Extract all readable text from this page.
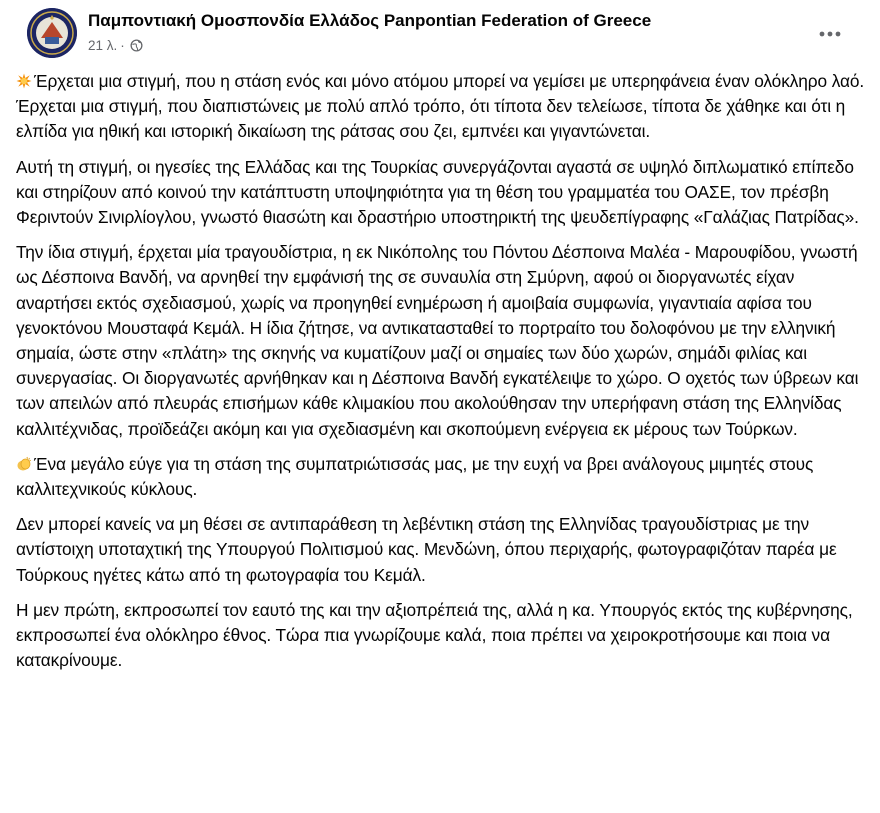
Παμποντιακή Ομοσπονδία Ελλάδος Panpontian Federation of Greece
21 λ. ·

Έρχεται μια στιγμή, που η στάση ενός και μόνο ατόμου μπορεί να γεμίσει με υπερηφάνεια έναν ολόκληρο λαό. Έρχεται μια στιγμή, που διαπιστώνεις με πολύ απλό τρόπο, ότι τίποτα δεν τελείωσε, τίποτα δε χάθηκε και ότι η ελπίδα για ηθική και ιστορική δικαίωση της ράτσας σου ζει, εμπνέει και γιγαντώνεται.

Αυτή τη στιγμή, οι ηγεσίες της Ελλάδας και της Τουρκίας συνεργάζονται αγαστά σε υψηλό διπλωματικό επίπεδο και στηρίζουν από κοινού την κατάπτυστη υποψηφιότητα για τη θέση του γραμματέα του ΟΑΣΕ, τον πρέσβη Φεριντούν Σινιρλίογλου, γνωστό θιασώτη και δραστήριο υποστηρικτή της ψευδεπίγραφης «Γαλάζιας Πατρίδας».

Την ίδια στιγμή, έρχεται μία τραγουδίστρια, η εκ Νικόπολης του Πόντου Δέσποινα Μαλέα - Μαρουφίδου, γνωστή ως Δέσποινα Βανδή, να αρνηθεί την εμφάνισή της σε συναυλία στη Σμύρνη, αφού οι διοργανωτές είχαν αναρτήσει εκτός σχεδιασμού, χωρίς να προηγηθεί ενημέρωση ή αμοιβαία συμφωνία, γιγαντιαία αφίσα του γενοκτόνου Μουσταφά Κεμάλ. Η ίδια ζήτησε, να αντικατασταθεί το πορτραίτο του δολοφόνου με την ελληνική σημαία, ώστε στην «πλάτη» της σκηνής να κυματίζουν μαζί οι σημαίες των δύο χωρών, σημάδι φιλίας και συνεργασίας. Οι διοργανωτές αρνήθηκαν και η Δέσποινα Βανδή εγκατέλειψε το χώρο. Ο οχετός των ύβρεων και των απειλών από πλευράς επισήμων κάθε κλιμακίου που ακολούθησαν την υπερήφανη στάση της Ελληνίδας καλλιτέχνιδας, προϊδεάζει ακόμη και για σχεδιασμένη και σκοπούμενη ενέργεια εκ μέρους των Τούρκων.

Ένα μεγάλο εύγε για τη στάση της συμπατριώτισσάς μας, με την ευχή να βρει ανάλογους μιμητές στους καλλιτεχνικούς κύκλους.

Δεν μπορεί κανείς να μη θέσει σε αντιπαράθεση τη λεβέντικη στάση της Ελληνίδας τραγουδίστριας με την αντίστοιχη υποταχτική της Υπουργού Πολιτισμού κας. Μενδώνη, όπου περιχαρής, φωτογραφιζόταν παρέα με Τούρκους ηγέτες κάτω από τη φωτογραφία του Κεμάλ.

Η μεν πρώτη, εκπροσωπεί τον εαυτό της και την αξιοπρέπειά της, αλλά η κα. Υπουργός εκτός της κυβέρνησης, εκπροσωπεί ένα ολόκληρο έθνος. Τώρα πια γνωρίζουμε καλά, ποια πρέπει να χειροκροτήσουμε και ποια να κατακρίνουμε.
